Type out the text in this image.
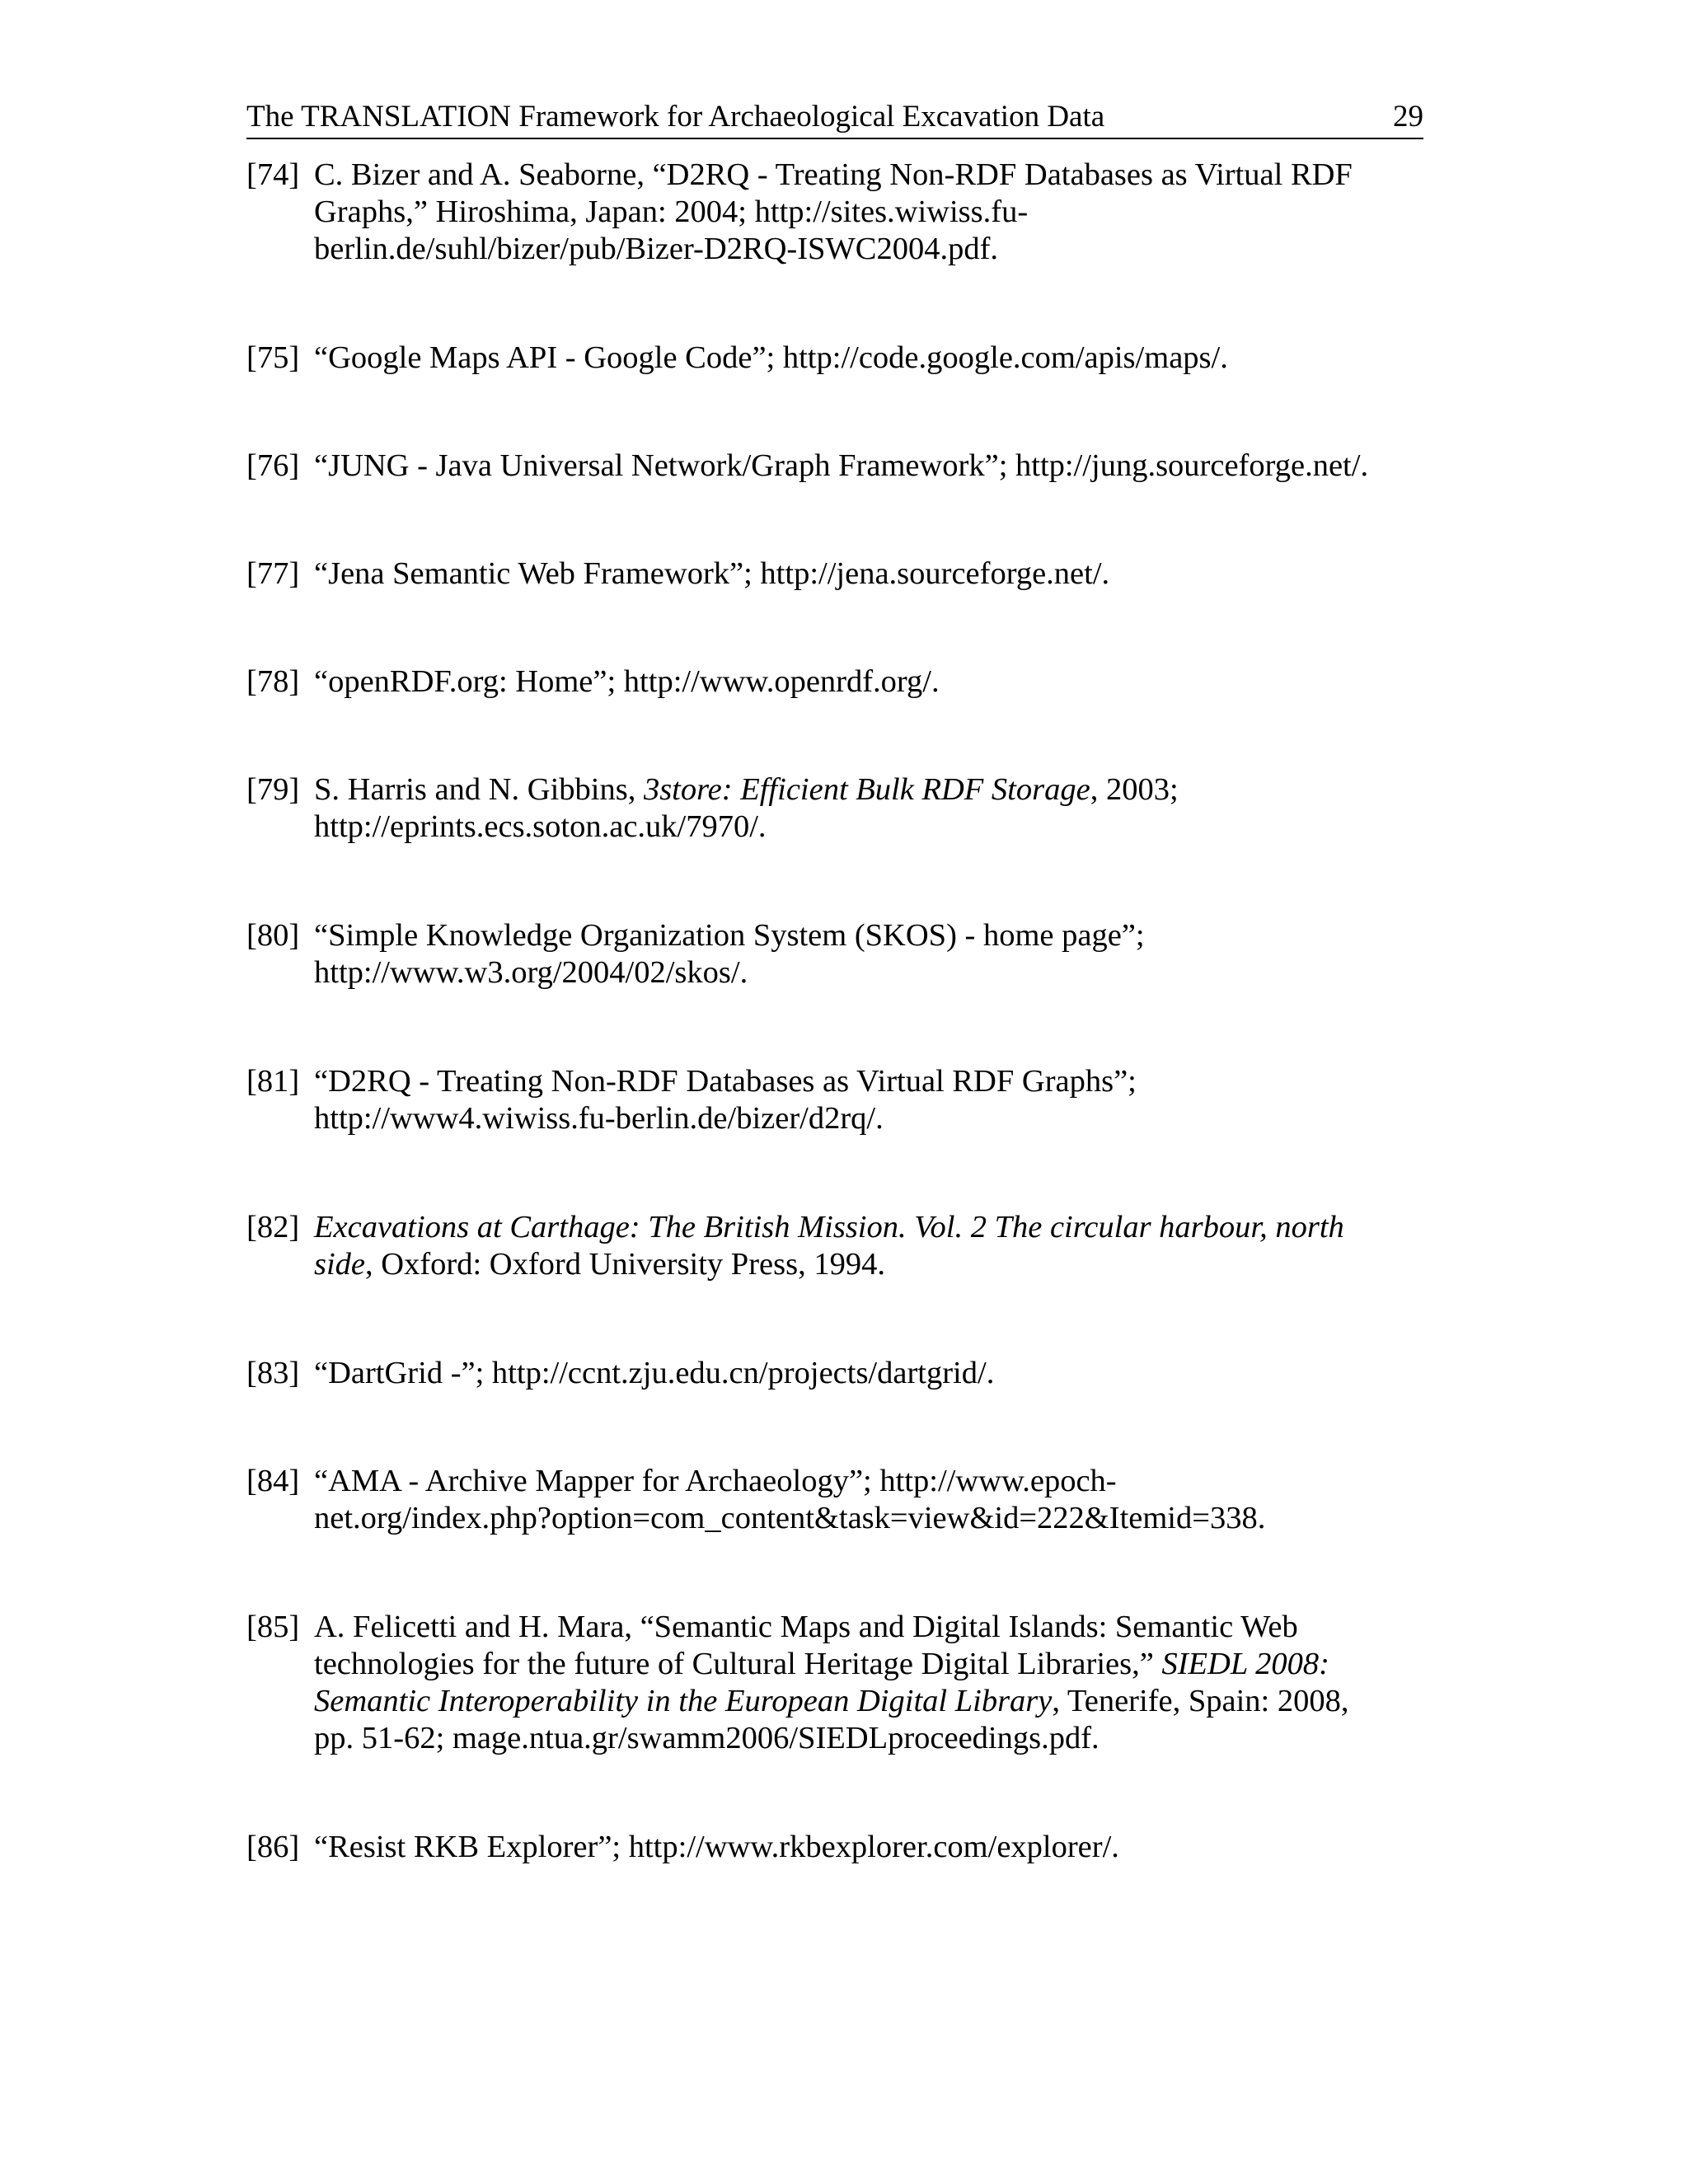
The TRANSLATION Framework for Archaeological Excavation Data	29
[74] C. Bizer and A. Seaborne, “D2RQ - Treating Non-RDF Databases as Virtual RDF
Graphs,” Hiroshima, Japan: 2004; http://sites.wiwiss.fu-
berlin.de/suhl/bizer/pub/Bizer-D2RQ-ISWC2004.pdf.
[75] “Google Maps API - Google Code”; http://code.google.com/apis/maps/.
[76] “JUNG - Java Universal Network/Graph Framework”; http://jung.sourceforge.net/.
[77] “Jena Semantic Web Framework”; http://jena.sourceforge.net/.
[78] “openRDF.org: Home”; http://www.openrdf.org/.
[79] S. Harris and N. Gibbins, 3store: Efficient Bulk RDF Storage, 2003;
http://eprints.ecs.soton.ac.uk/7970/.
[80] “Simple Knowledge Organization System (SKOS) - home page”;
http://www.w3.org/2004/02/skos/.
[81] “D2RQ - Treating Non-RDF Databases as Virtual RDF Graphs”;
http://www4.wiwiss.fu-berlin.de/bizer/d2rq/.
[82] Excavations at Carthage: The British Mission. Vol. 2 The circular harbour, north
side, Oxford: Oxford University Press, 1994.
[83] “DartGrid -”; http://ccnt.zju.edu.cn/projects/dartgrid/.
[84] “AMA - Archive Mapper for Archaeology”; http://www.epoch-
net.org/index.php?option=com_content&task=view&id=222&Itemid=338.
[85] A. Felicetti and H. Mara, “Semantic Maps and Digital Islands: Semantic Web
technologies for the future of Cultural Heritage Digital Libraries,” SIEDL 2008:
Semantic Interoperability in the European Digital Library, Tenerife, Spain: 2008,
pp. 51-62; mage.ntua.gr/swamm2006/SIEDLproceedings.pdf.
[86] “Resist RKB Explorer”; http://www.rkbexplorer.com/explorer/.
